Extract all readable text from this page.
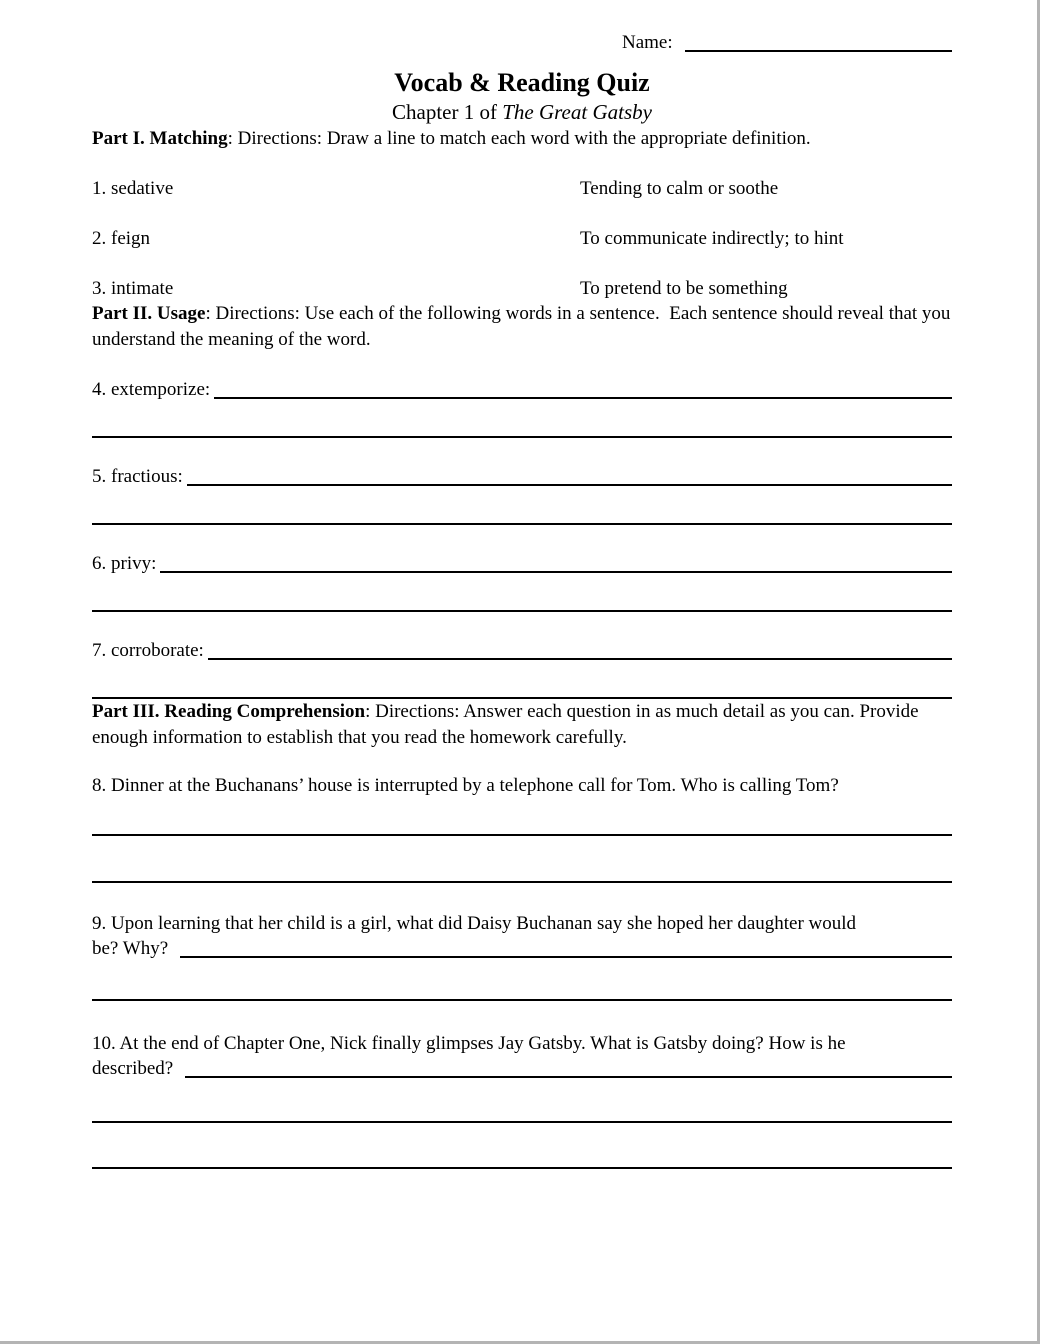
Name:
Vocab & Reading Quiz
Chapter 1 of The Great Gatsby

Part I. Matching: Directions: Draw a line to match each word with the appropriate definition.

1. sedative	Tending to calm or soothe
2. feign	To communicate indirectly; to hint
3. intimate	To pretend to be something

Part II. Usage: Directions: Use each of the following words in a sentence.  Each sentence should reveal that you understand the meaning of the word.

4. extemporize:
5. fractious:
6. privy:
7. corroborate:

Part III. Reading Comprehension: Directions: Answer each question in as much detail as you can. Provide enough information to establish that you read the homework carefully.

8. Dinner at the Buchanans’ house is interrupted by a telephone call for Tom. Who is calling Tom?

9. Upon learning that her child is a girl, what did Daisy Buchanan say she hoped her daughter would

be? Why?

10. At the end of Chapter One, Nick finally glimpses Jay Gatsby. What is Gatsby doing? How is he

described?
